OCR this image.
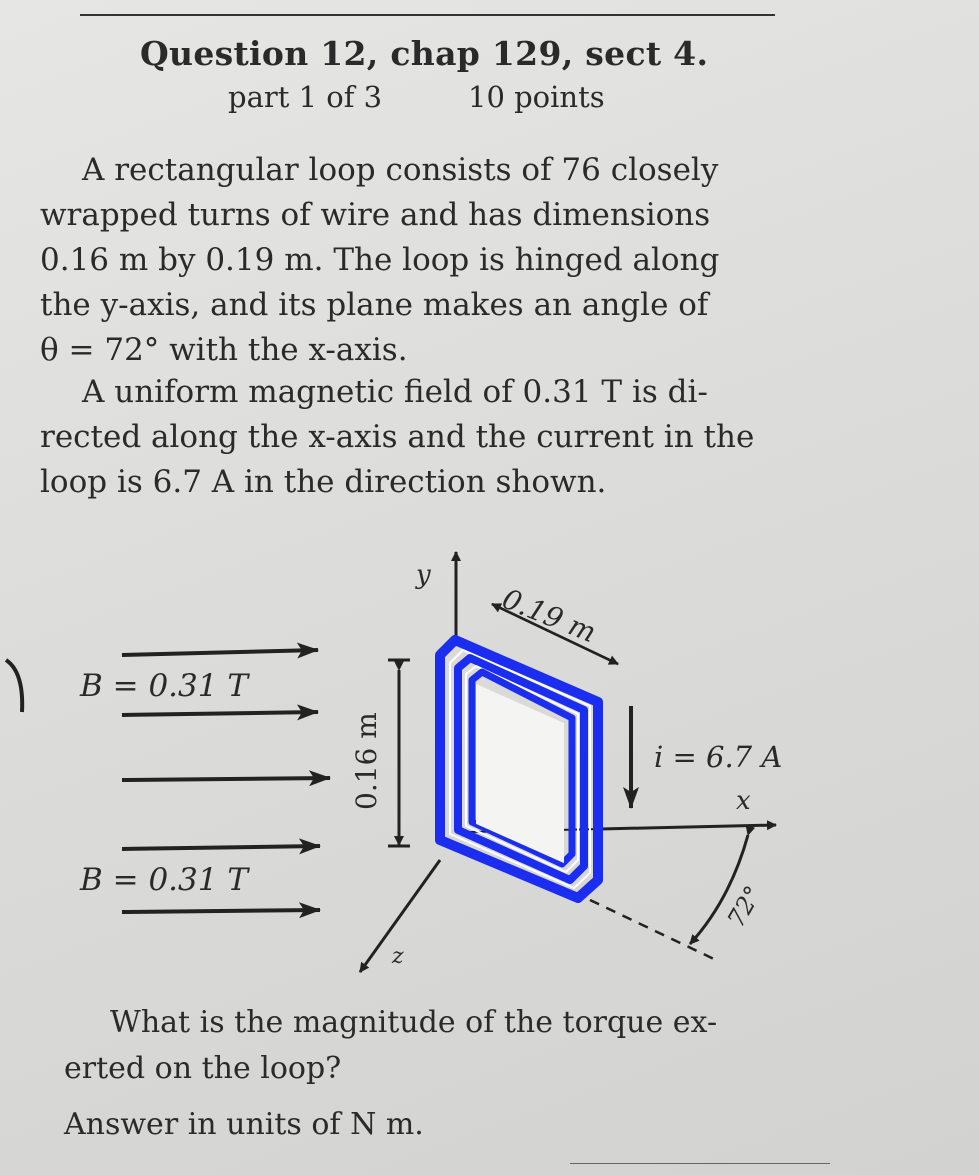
Question 12, chap 129, sect 4.
part 1 of 3	10 points
A rectangular loop consists of 76 closely
wrapped turns of wire and has dimensions
0.16 m by 0.19 m. The loop is hinged along
the y-axis, and its plane makes an angle of
θ = 72° with the x-axis.
A uniform magnetic field of 0.31 T is di-
rected along the x-axis and the current in the
loop is 6.7 A in the direction shown.
B = 0.31 T
B = 0.31 T
y
x
z
0.19 m
0.16 m	i = 6.7 A
72°
What is the magnitude of the torque ex-
erted on the loop?
Answer in units of N m.
